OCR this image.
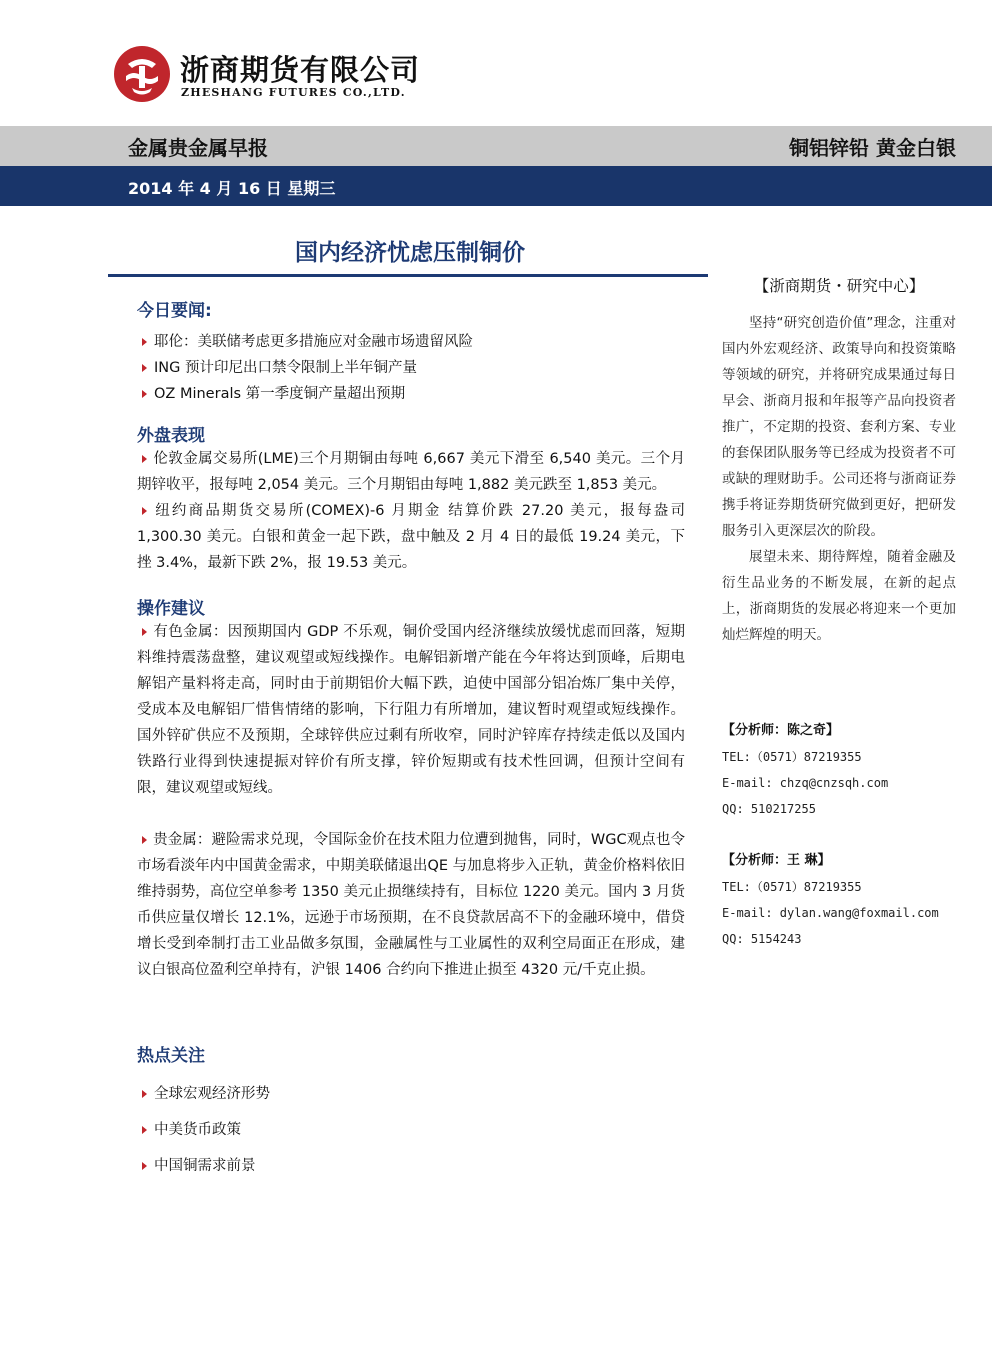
浙商期货有限公司
ZHESHANG FUTURES CO.,LTD.
金属贵金属早报	铜铝锌铅 黄金白银
2014 年 4 月 16 日 星期三
国内经济忧虑压制铜价
今日要闻:
耶伦：美联储考虑更多措施应对金融市场遗留风险
ING 预计印尼出口禁令限制上半年铜产量
OZ Minerals 第一季度铜产量超出预期
外盘表现

伦敦金属交易所(LME)三个月期铜由每吨 6,667 美元下滑至 6,540 美元。三个月期锌收平，报每吨 2,054 美元。三个月期铝由每吨 1,882 美元跌至 1,853 美元。

纽约商品期货交易所(COMEX)-6 月期金 结算价跌 27.20 美元，报每盎司 1,300.30 美元。白银和黄金一起下跌，盘中触及 2 月 4 日的最低 19.24 美元，下挫 3.4%，最新下跌 2%，报 19.53 美元。

操作建议

有色金属：因预期国内 GDP 不乐观，铜价受国内经济继续放缓忧虑而回落，短期料维持震荡盘整，建议观望或短线操作。电解铝新增产能在今年将达到顶峰，后期电解铝产量料将走高，同时由于前期铝价大幅下跌，迫使中国部分铝冶炼厂集中关停，受成本及电解铝厂惜售情绪的影响，下行阻力有所增加，建议暂时观望或短线操作。国外锌矿供应不及预期，全球锌供应过剩有所收窄，同时沪锌库存持续走低以及国内铁路行业得到快速提振对锌价有所支撑，锌价短期或有技术性回调，但预计空间有限，建议观望或短线。

贵金属：避险需求兑现，令国际金价在技术阻力位遭到抛售，同时，WGC观点也令市场看淡年内中国黄金需求，中期美联储退出QE 与加息将步入正轨，黄金价格料依旧维持弱势，高位空单参考 1350 美元止损继续持有，目标位 1220 美元。国内 3 月货币供应量仅增长 12.1%，远逊于市场预期，在不良贷款居高不下的金融环境中，借贷增长受到牵制打击工业品做多氛围，金融属性与工业属性的双利空局面正在形成，建议白银高位盈利空单持有，沪银 1406 合约向下推进止损至 4320 元/千克止损。

热点关注
全球宏观经济形势
中美货币政策
中国铜需求前景
【浙商期货・研究中心】

坚持“研究创造价值”理念，注重对国内外宏观经济、政策导向和投资策略等领域的研究，并将研究成果通过每日早会、浙商月报和年报等产品向投资者推广，不定期的投资、套利方案、专业的套保团队服务等已经成为投资者不可或缺的理财助手。公司还将与浙商证券携手将证券期货研究做到更好，把研发服务引入更深层次的阶段。

展望未来、期待辉煌，随着金融及衍生品业务的不断发展，在新的起点上，浙商期货的发展必将迎来一个更加灿烂辉煌的明天。

【分析师：陈之奇】

TEL:（0571）87219355

E-mail: chzq@cnzsqh.com

QQ: 510217255

【分析师：王 琳】

TEL:（0571）87219355

E-mail: dylan.wang@foxmail.com

QQ: 5154243
